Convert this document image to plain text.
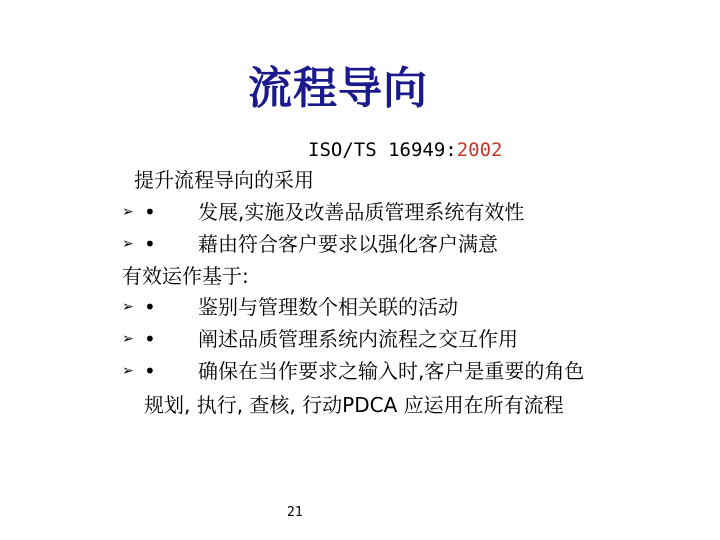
流程导向
ISO/TS 16949:2002
提升流程导向的采用
➢ • 发展,实施及改善品质管理系统有效性
➢ • 藉由符合客户要求以强化客户满意
有效运作基于:
➢ • 鉴别与管理数个相关联的活动
➢ • 阐述品质管理系统内流程之交互作用
➢ • 确保在当作要求之输入时,客户是重要的角色
规划, 执行, 查核, 行动PDCA 应运用在所有流程
21
